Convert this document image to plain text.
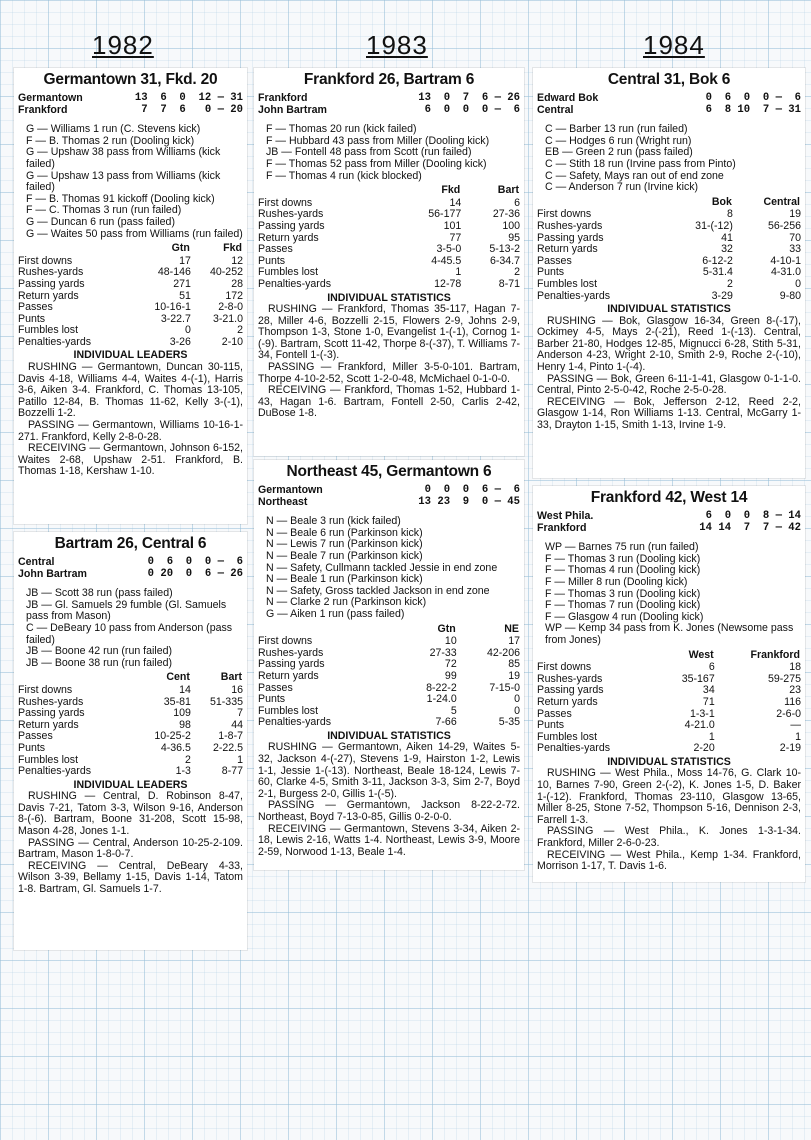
1982	1983	1984
Germantown 31, Fkd. 20
Germantown	13  6  0  12 — 31
Frankford	7  7  6   0 — 20
G — Williams 1 run (C. Stevens kick)
F — B. Thomas 2 run (Dooling kick)
G — Upshaw 38 pass from Williams (kick failed)
G — Upshaw 13 pass from Williams (kick failed)
F — B. Thomas 91 kickoff (Dooling kick)
F — C. Thomas 3 run (run failed)
G — Duncan 6 run (pass failed)
G — Waites 50 pass from Williams (run failed)
	Gtn	Fkd
First downs	17	12
Rushes-yards	48-146	40-252
Passing yards	271	28
Return yards	51	172
Passes	10-16-1	2-8-0
Punts	3-22.7	3-21.0
Fumbles lost	0	2
Penalties-yards	3-26	2-10
INDIVIDUAL LEADERS
RUSHING — Germantown, Duncan 30-115, Davis 4-18, Williams 4-4, Waites 4-(-1), Harris 3-6, Aiken 3-4. Frankford, C. Thomas 13-105, Patillo 12-84, B. Thomas 11-62, Kelly 3-(-1), Bozzelli 1-2.
PASSING — Germantown, Williams 10-16-1-271. Frankford, Kelly 2-8-0-28.
RECEIVING — Germantown, Johnson 6-152, Waites 2-68, Upshaw 2-51. Frankford, B. Thomas 1-18, Kershaw 1-10.
Bartram 26, Central 6
Central	0  6  0  0 —  6
John Bartram	0 20  0  6 — 26
JB — Scott 38 run (pass failed)
JB — Gl. Samuels 29 fumble (Gl. Samuels pass from Mason)
C — DeBeary 10 pass from Anderson (pass failed)
JB — Boone 42 run (run failed)
JB — Boone 38 run (run failed)
	Cent	Bart
First downs	14	16
Rushes-yards	35-81	51-335
Passing yards	109	7
Return yards	98	44
Passes	10-25-2	1-8-7
Punts	4-36.5	2-22.5
Fumbles lost	2	1
Penalties-yards	1-3	8-77
INDIVIDUAL LEADERS
RUSHING — Central, D. Robinson 8-47, Davis 7-21, Tatom 3-3, Wilson 9-16, Anderson 8-(-6). Bartram, Boone 31-208, Scott 15-98, Mason 4-28, Jones 1-1.
PASSING — Central, Anderson 10-25-2-109. Bartram, Mason 1-8-0-7.
RECEIVING — Central, DeBeary 4-33, Wilson 3-39, Bellamy 1-15, Davis 1-14, Tatom 1-8. Bartram, Gl. Samuels 1-7.
Frankford 26, Bartram 6
Frankford	13  0  7  6 — 26
John Bartram	6  0  0  0 —  6
F — Thomas 20 run (kick failed)
F — Hubbard 43 pass from Miller (Dooling kick)
JB — Fontell 48 pass from Scott (run failed)
F — Thomas 52 pass from Miller (Dooling kick)
F — Thomas 4 run (kick blocked)
	Fkd	Bart
First downs	14	6
Rushes-yards	56-177	27-36
Passing yards	101	100
Return yards	77	95
Passes	3-5-0	5-13-2
Punts	4-45.5	6-34.7
Fumbles lost	1	2
Penalties-yards	12-78	8-71
INDIVIDUAL STATISTICS
RUSHING — Frankford, Thomas 35-117, Hagan 7-28, Miller 4-6, Bozzelli 2-15, Flowers 2-9, Johns 2-9, Thompson 1-3, Stone 1-0, Evangelist 1-(-1), Cornog 1-(-9). Bartram, Scott 11-42, Thorpe 8-(-37), T. Williams 7-34, Fontell 1-(-3).
PASSING — Frankford, Miller 3-5-0-101. Bartram, Thorpe 4-10-2-52, Scott 1-2-0-48, McMichael 0-1-0-0.
RECEIVING — Frankford, Thomas 1-52, Hubbard 1-43, Hagan 1-6. Bartram, Fontell 2-50, Carlis 2-42, DuBose 1-8.
Northeast 45, Germantown 6
Germantown	0  0  0  6 —  6
Northeast	13 23  9  0 — 45
N — Beale 3 run (kick failed)
N — Beale 6 run (Parkinson kick)
N — Lewis 7 run (Parkinson kick)
N — Beale 7 run (Parkinson kick)
N — Safety, Cullmann tackled Jessie in end zone
N — Beale 1 run (Parkinson kick)
N — Safety, Gross tackled Jackson in end zone
N — Clarke 2 run (Parkinson kick)
G — Aiken 1 run (pass failed)
	Gtn	NE
First downs	10	17
Rushes-yards	27-33	42-206
Passing yards	72	85
Return yards	99	19
Passes	8-22-2	7-15-0
Punts	1-24.0	0
Fumbles lost	5	0
Penalties-yards	7-66	5-35
INDIVIDUAL STATISTICS
RUSHING — Germantown, Aiken 14-29, Waites 5-32, Jackson 4-(-27), Stevens 1-9, Hairston 1-2, Lewis 1-1, Jessie 1-(-13). Northeast, Beale 18-124, Lewis 7-60, Clarke 4-5, Smith 3-11, Jackson 3-3, Sim 2-7, Boyd 2-1, Burgess 2-0, Gillis 1-(-5).
PASSING — Germantown, Jackson 8-22-2-72. Northeast, Boyd 7-13-0-85, Gillis 0-2-0-0.
RECEIVING — Germantown, Stevens 3-34, Aiken 2-18, Lewis 2-16, Watts 1-4. Northeast, Lewis 3-9, Moore 2-59, Norwood 1-13, Beale 1-4.
Central 31, Bok 6
Edward Bok	0  6  0  0 —  6
Central	6  8 10  7 — 31
C — Barber 13 run (run failed)
C — Hodges 6 run (Wright run)
EB — Green 2 run (pass failed)
C — Stith 18 run (Irvine pass from Pinto)
C — Safety, Mays ran out of end zone
C — Anderson 7 run (Irvine kick)
	Bok	Central
First downs	8	19
Rushes-yards	31-(-12)	56-256
Passing yards	41	70
Return yards	32	33
Passes	6-12-2	4-10-1
Punts	5-31.4	4-31.0
Fumbles lost	2	0
Penalties-yards	3-29	9-80
INDIVIDUAL STATISTICS
RUSHING — Bok, Glasgow 16-34, Green 8-(-17), Ockimey 4-5, Mays 2-(-21), Reed 1-(-13). Central, Barber 21-80, Hodges 12-85, Mignucci 6-28, Stith 5-31, Anderson 4-23, Wright 2-10, Smith 2-9, Roche 2-(-10), Henry 1-4, Pinto 1-(-4).
PASSING — Bok, Green 6-11-1-41, Glasgow 0-1-1-0. Central, Pinto 2-5-0-42, Roche 2-5-0-28.
RECEIVING — Bok, Jefferson 2-12, Reed 2-2, Glasgow 1-14, Ron Williams 1-13. Central, McGarry 1-33, Drayton 1-15, Smith 1-13, Irvine 1-9.
Frankford 42, West 14
West Phila.	6  0  0  8 — 14
Frankford	14 14  7  7 — 42
WP — Barnes 75 run (run failed)
F — Thomas 3 run (Dooling kick)
F — Thomas 4 run (Dooling kick)
F — Miller 8 run (Dooling kick)
F — Thomas 3 run (Dooling kick)
F — Thomas 7 run (Dooling kick)
F — Glasgow 4 run (Dooling kick)
WP — Kemp 34 pass from K. Jones (Newsome pass from Jones)
	West	Frankford
First downs	6	18
Rushes-yards	35-167	59-275
Passing yards	34	23
Return yards	71	116
Passes	1-3-1	2-6-0
Punts	4-21.0	—
Fumbles lost	1	1
Penalties-yards	2-20	2-19
INDIVIDUAL STATISTICS
RUSHING — West Phila., Moss 14-76, G. Clark 10-10, Barnes 7-90, Green 2-(-2), K. Jones 1-5, D. Baker 1-(-12). Frankford, Thomas 23-110, Glasgow 13-65, Miller 8-25, Stone 7-52, Thompson 5-16, Dennison 2-3, Farrell 1-3.
PASSING — West Phila., K. Jones 1-3-1-34. Frankford, Miller 2-6-0-23.
RECEIVING — West Phila., Kemp 1-34. Frankford, Morrison 1-17, T. Davis 1-6.
